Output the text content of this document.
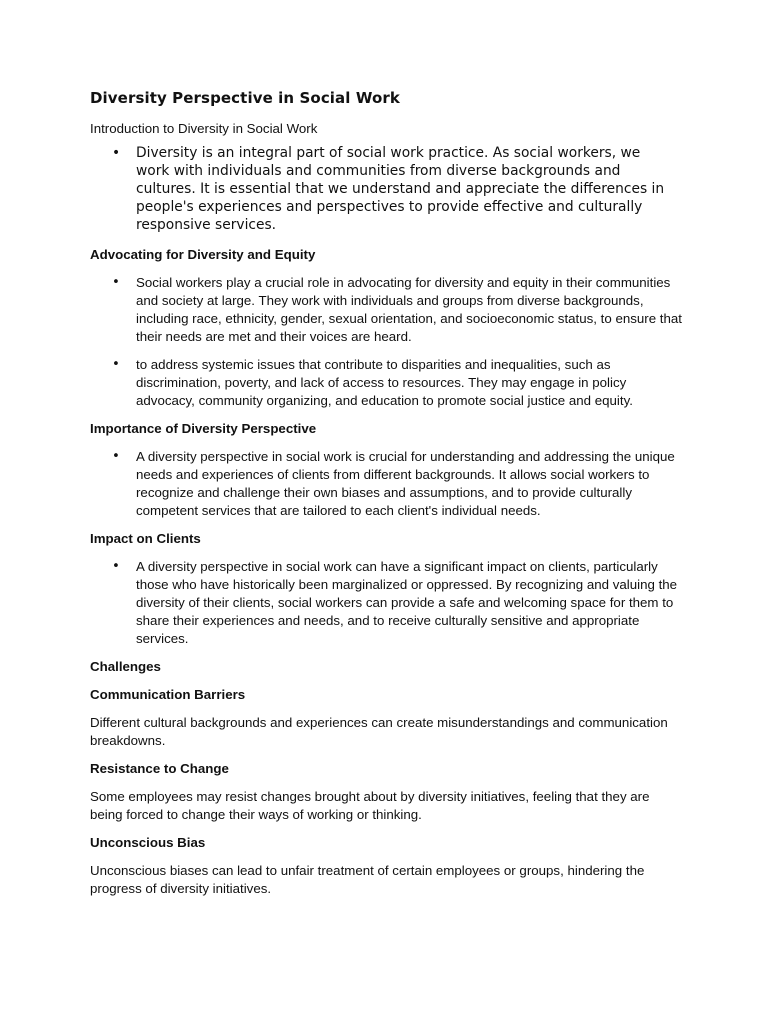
Diversity Perspective in Social Work
Introduction to Diversity in Social Work
• Diversity is an integral part of social work practice. As social workers, we work with individuals and communities from diverse backgrounds and cultures. It is essential that we understand and appreciate the differences in people's experiences and perspectives to provide effective and culturally responsive services.
Advocating for Diversity and Equity
• Social workers play a crucial role in advocating for diversity and equity in their communities and society at large. They work with individuals and groups from diverse backgrounds, including race, ethnicity, gender, sexual orientation, and socioeconomic status, to ensure that their needs are met and their voices are heard.
• to address systemic issues that contribute to disparities and inequalities, such as discrimination, poverty, and lack of access to resources. They may engage in policy advocacy, community organizing, and education to promote social justice and equity.
Importance of Diversity Perspective
• A diversity perspective in social work is crucial for understanding and addressing the unique needs and experiences of clients from different backgrounds. It allows social workers to recognize and challenge their own biases and assumptions, and to provide culturally competent services that are tailored to each client's individual needs.
Impact on Clients
• A diversity perspective in social work can have a significant impact on clients, particularly those who have historically been marginalized or oppressed. By recognizing and valuing the diversity of their clients, social workers can provide a safe and welcoming space for them to share their experiences and needs, and to receive culturally sensitive and appropriate services.
Challenges
Communication Barriers

Different cultural backgrounds and experiences can create misunderstandings and communication breakdowns.

Resistance to Change

Some employees may resist changes brought about by diversity initiatives, feeling that they are being forced to change their ways of working or thinking.

Unconscious Bias

Unconscious biases can lead to unfair treatment of certain employees or groups, hindering the progress of diversity initiatives.
